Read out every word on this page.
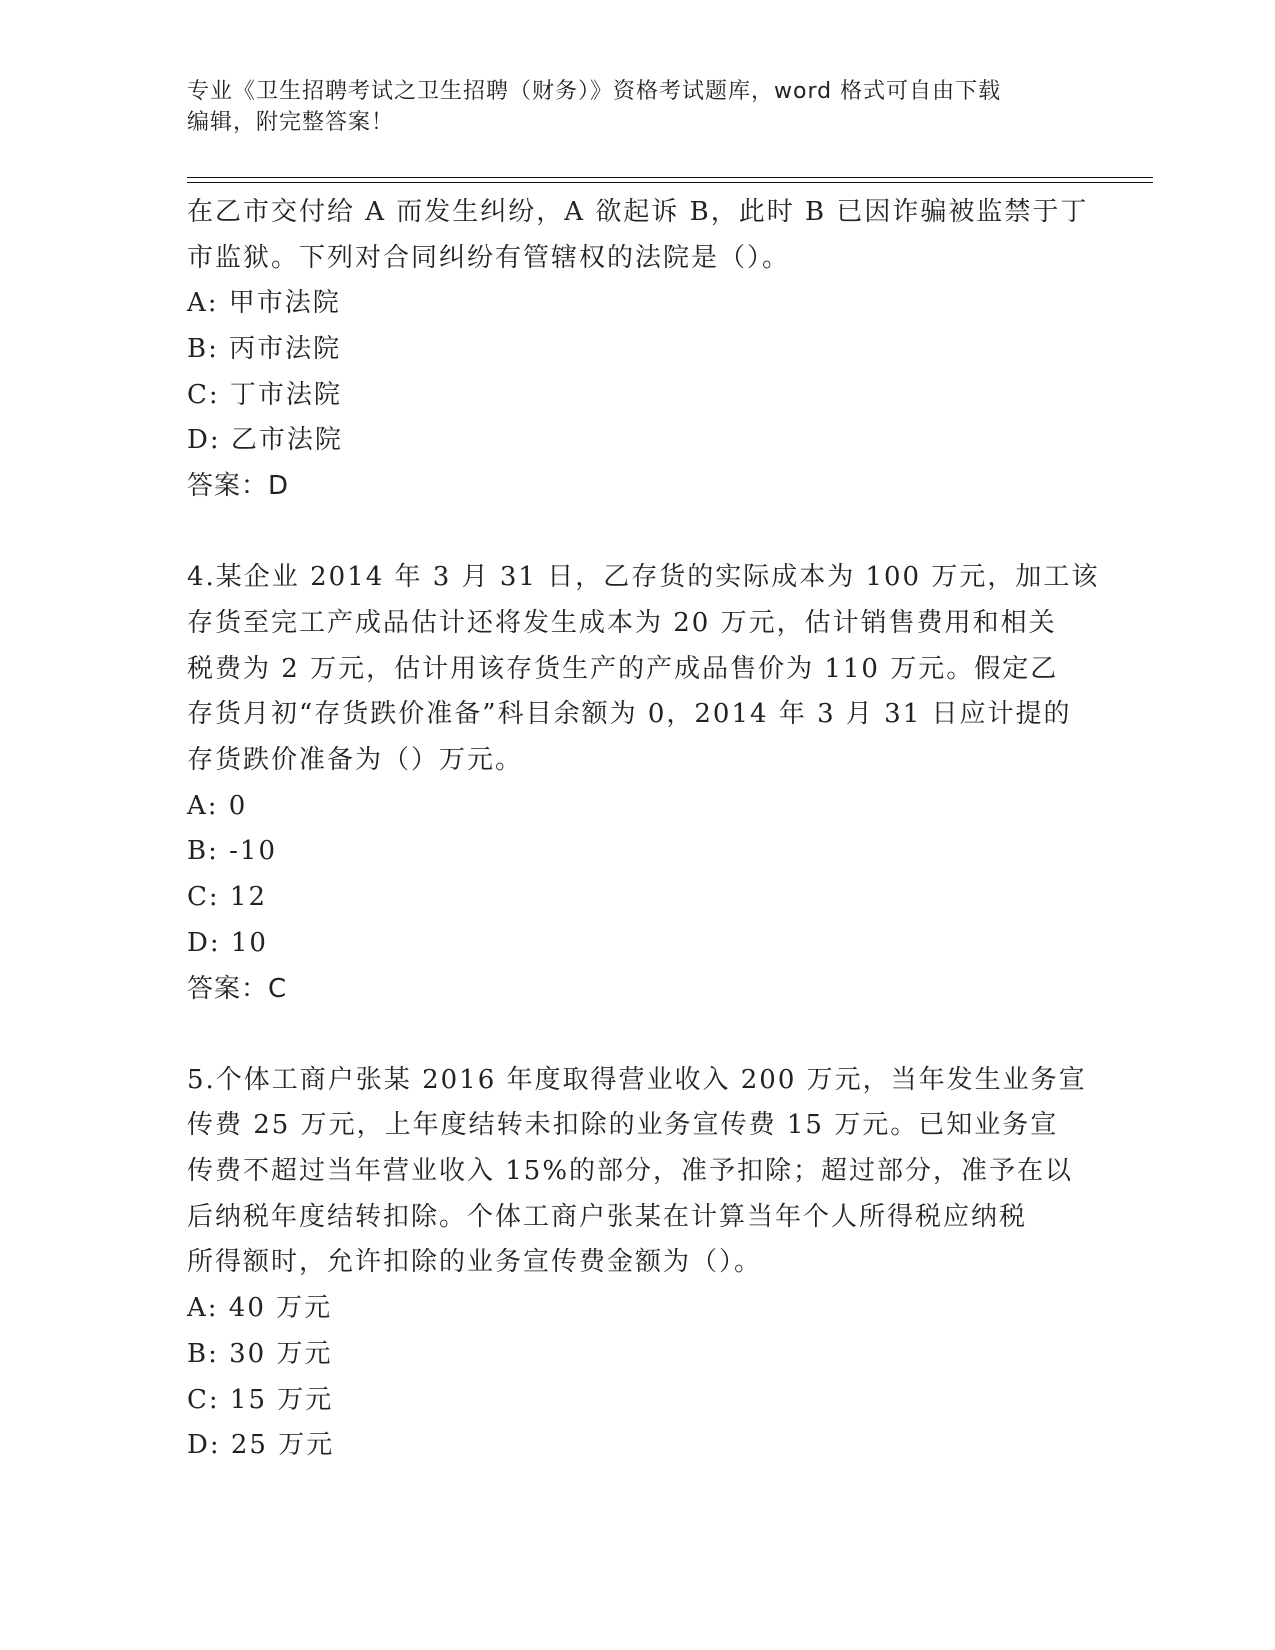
专业《卫生招聘考试之卫生招聘（财务）》资格考试题库，word 格式可自由下载
编辑，附完整答案！
在乙市交付给 A 而发生纠纷，A 欲起诉 B，此时 B 已因诈骗被监禁于丁
市监狱。下列对合同纠纷有管辖权的法院是（）。
A: 甲市法院
B: 丙市法院
C: 丁市法院
D: 乙市法院
答案：D
4.某企业 2014 年 3 月 31 日，乙存货的实际成本为 100 万元，加工该
存货至完工产成品估计还将发生成本为 20 万元，估计销售费用和相关
税费为 2 万元，估计用该存货生产的产成品售价为 110 万元。假定乙
存货月初“存货跌价准备”科目余额为 0，2014 年 3 月 31 日应计提的
存货跌价准备为（）万元。
A: 0
B: -10
C: 12
D: 10
答案：C
5.个体工商户张某 2016 年度取得营业收入 200 万元，当年发生业务宣
传费 25 万元，上年度结转未扣除的业务宣传费 15 万元。已知业务宣
传费不超过当年营业收入 15%的部分，准予扣除；超过部分，准予在以
后纳税年度结转扣除。个体工商户张某在计算当年个人所得税应纳税
所得额时，允许扣除的业务宣传费金额为（）。
A: 40 万元
B: 30 万元
C: 15 万元
D: 25 万元
